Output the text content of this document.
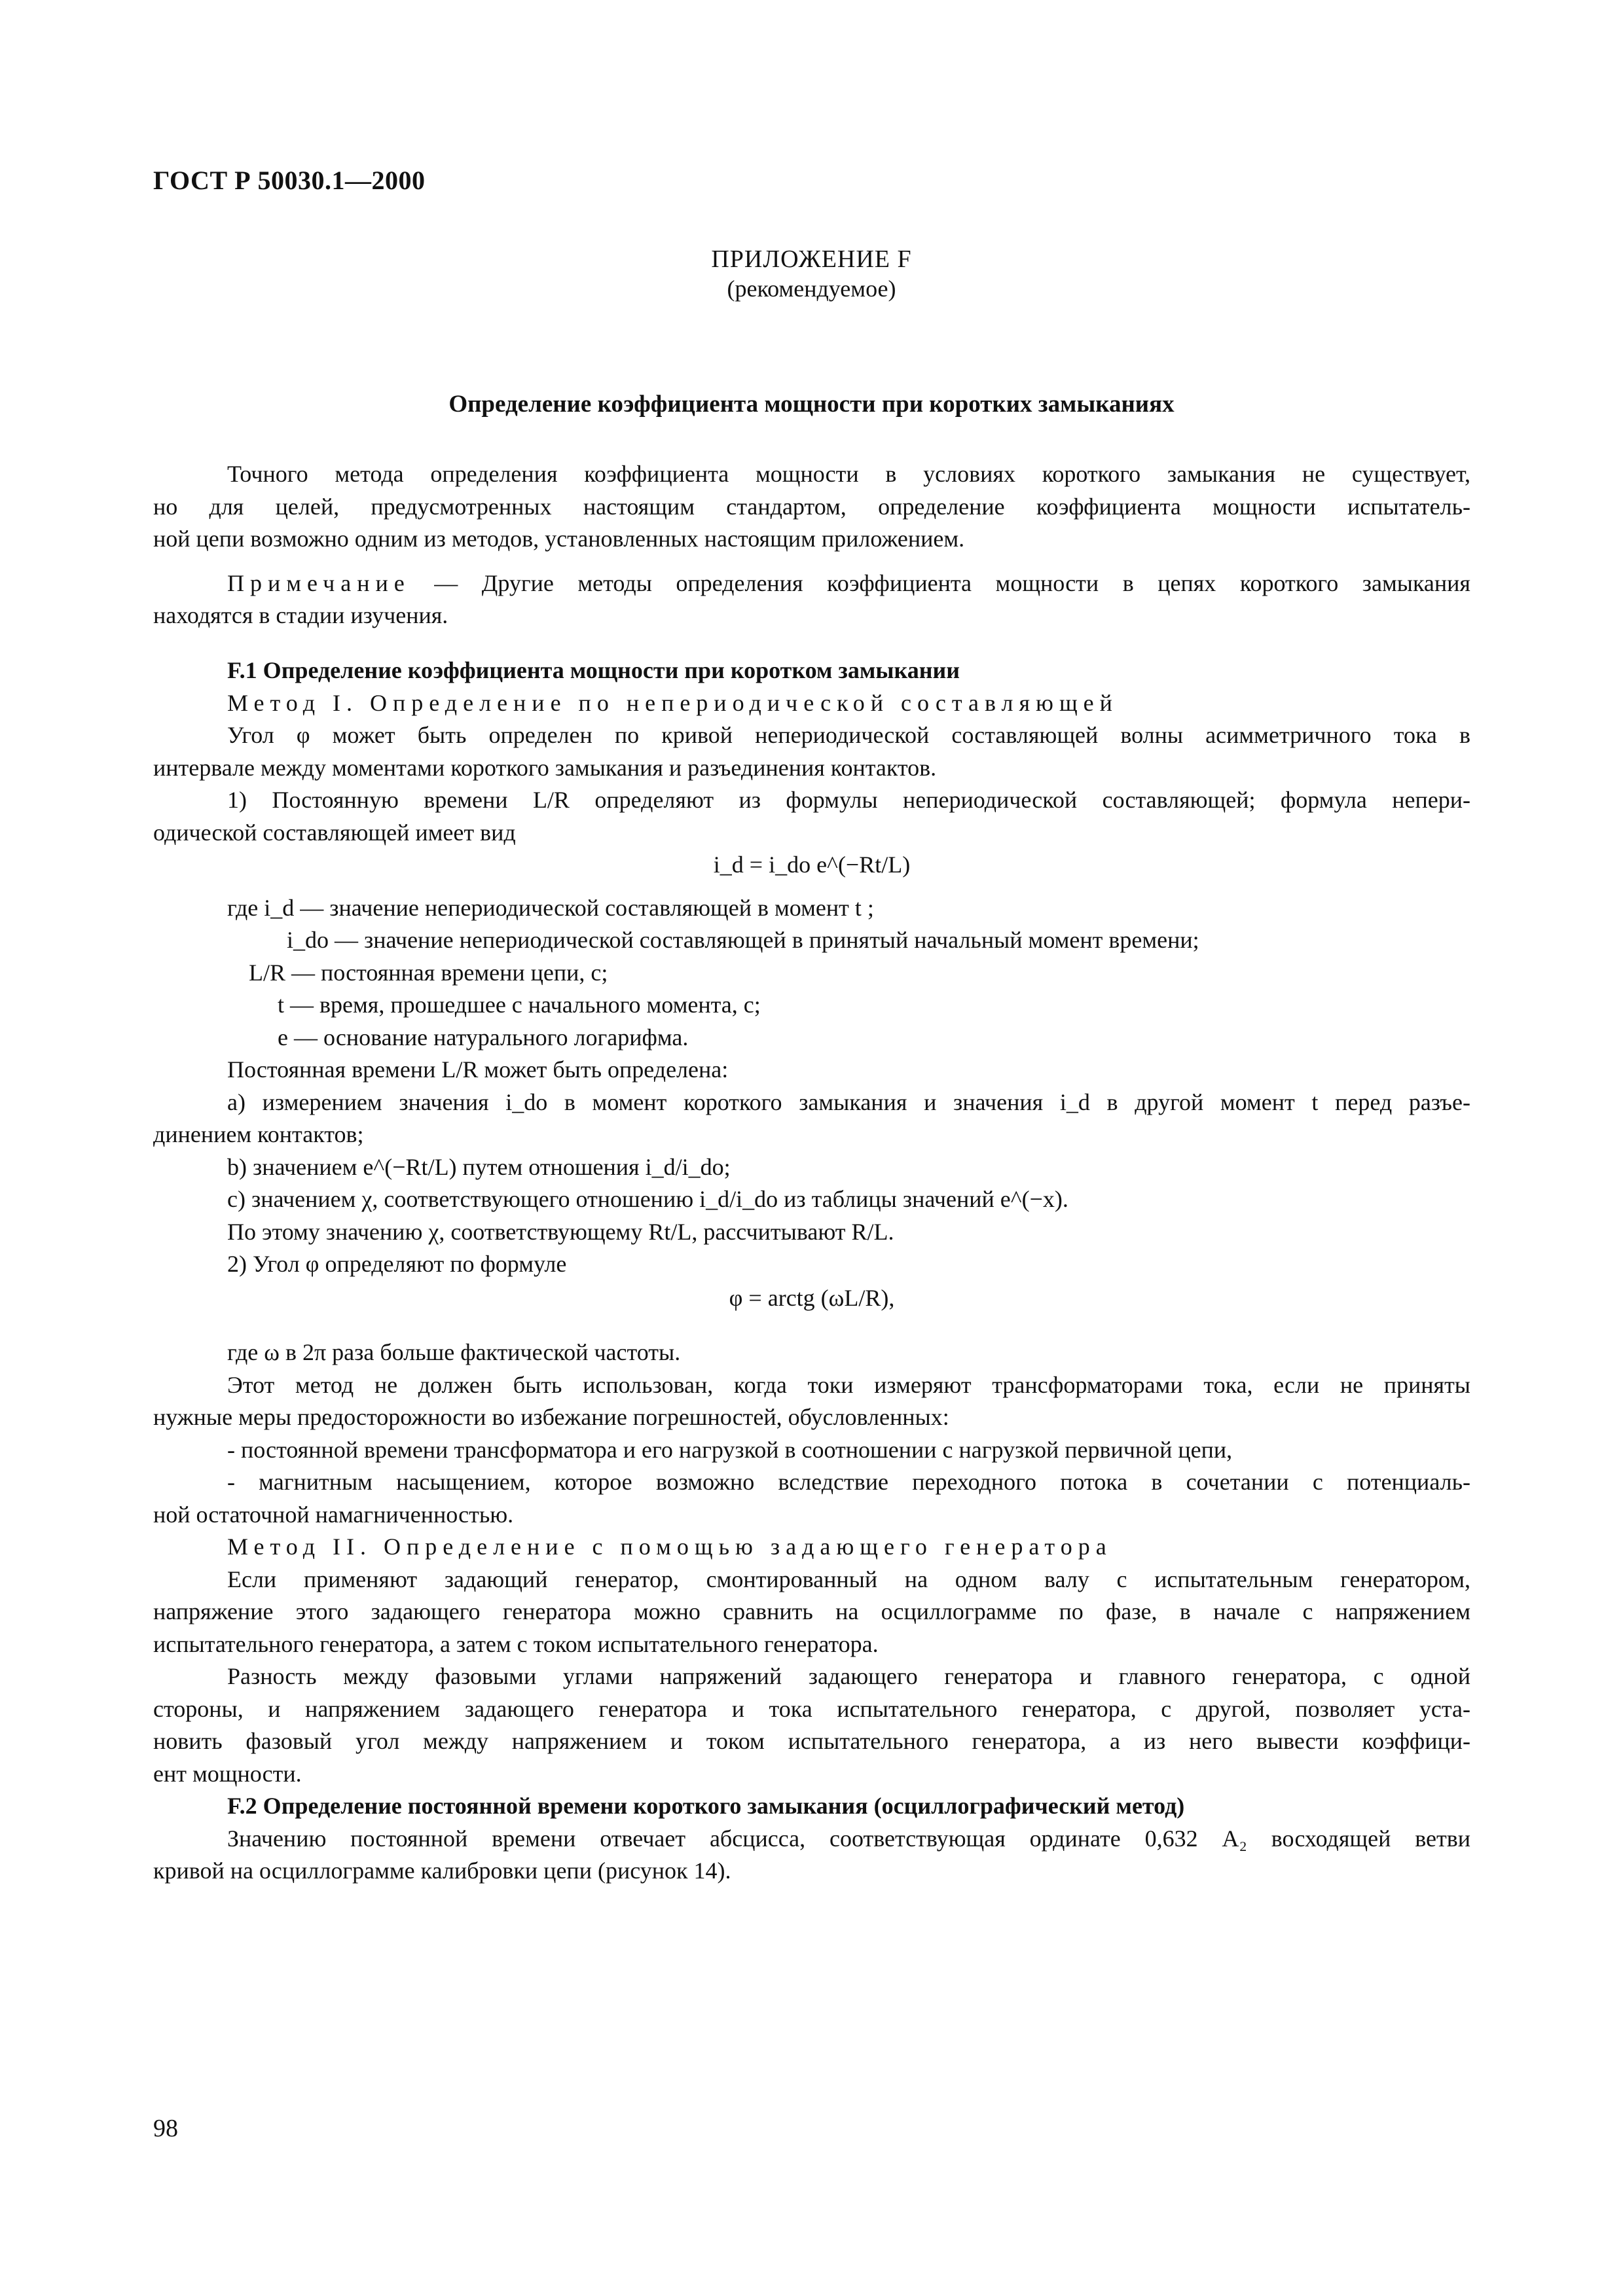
ГОСТ Р 50030.1—2000
ПРИЛОЖЕНИЕ F
(рекомендуемое)
Определение коэффициента мощности при коротких замыканиях

Точного метода определения коэффициента мощности в условиях короткого замыкания не существует,

но для целей, предусмотренных настоящим стандартом, определение коэффициента мощности испытатель-

ной цепи возможно одним из методов, установленных настоящим приложением.

Примечание — Другие методы определения коэффициента мощности в цепях короткого замыкания

находятся в стадии изучения.

F.1 Определение коэффициента мощности при коротком замыкании

Метод I. Определение по непериодической составляющей

Угол φ может быть определен по кривой непериодической составляющей волны асимметричного тока в

интервале между моментами короткого замыкания и разъединения контактов.

1) Постоянную времени L/R определяют из формулы непериодической составляющей; формула непери-

одической составляющей имеет вид

i_d = i_do e^(−Rt/L)

где i_d — значение непериодической составляющей в момент t ;

i_do — значение непериодической составляющей в принятый начальный момент времени;

L/R — постоянная времени цепи, с;

t — время, прошедшее с начального момента, с;

e — основание натурального логарифма.

Постоянная времени L/R может быть определена:

а) измерением значения i_do в момент короткого замыкания и значения i_d в другой момент t перед разъе-

динением контактов;

b) значением e^(−Rt/L) путем отношения i_d/i_do;

с) значением χ, соответствующего отношению i_d/i_do из таблицы значений e^(−x).

По этому значению χ, соответствующему Rt/L, рассчитывают R/L.

2) Угол φ определяют по формуле

φ = arctg (ωL/R),

где ω в 2π раза больше фактической частоты.

Этот метод не должен быть использован, когда токи измеряют трансформаторами тока, если не приняты

нужные меры предосторожности во избежание погрешностей, обусловленных:

- постоянной времени трансформатора и его нагрузкой в соотношении с нагрузкой первичной цепи,

- магнитным насыщением, которое возможно вследствие переходного потока в сочетании с потенциаль-

ной остаточной намагниченностью.

Метод II. Определение с помощью задающего генератора

Если применяют задающий генератор, смонтированный на одном валу с испытательным генератором,

напряжение этого задающего генератора можно сравнить на осциллограмме по фазе, в начале с напряжением

испытательного генератора, а затем с током испытательного генератора.

Разность между фазовыми углами напряжений задающего генератора и главного генератора, с одной

стороны, и напряжением задающего генератора и тока испытательного генератора, с другой, позволяет уста-

новить фазовый угол между напряжением и током испытательного генератора, а из него вывести коэффици-

ент мощности.

F.2 Определение постоянной времени короткого замыкания (осциллографический метод)

Значению постоянной времени отвечает абсцисса, соответствующая ординате 0,632 A₂ восходящей ветви

кривой на осциллограмме калибровки цепи (рисунок 14).

98
